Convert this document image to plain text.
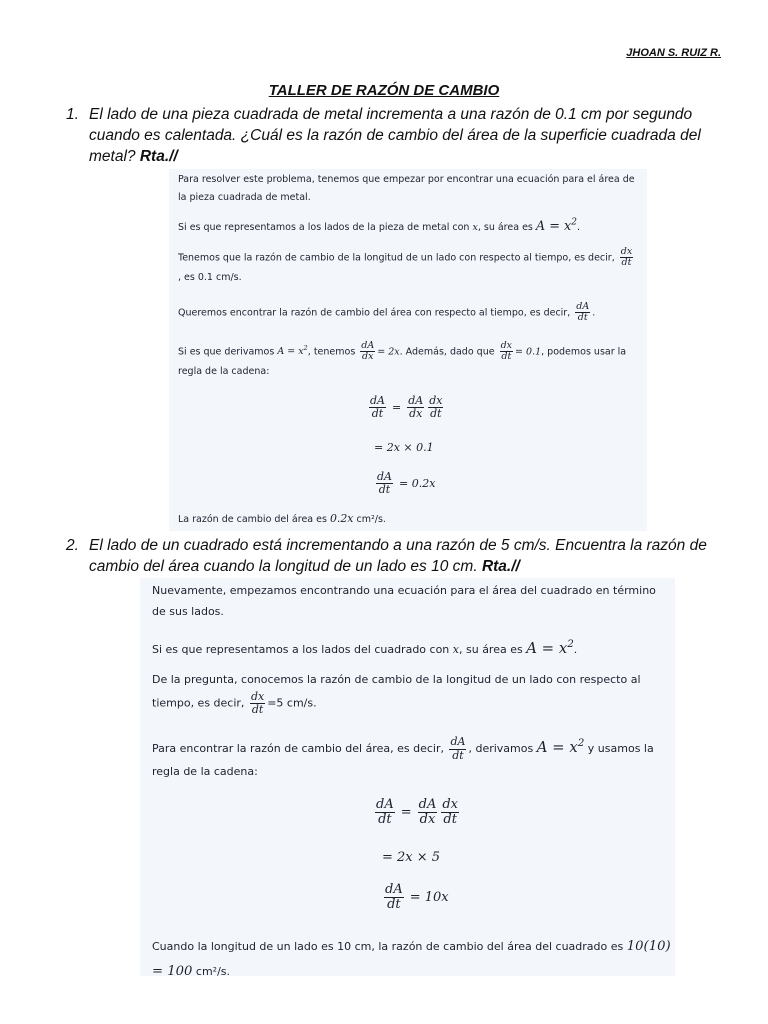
JHOAN S. RUIZ R.
TALLER DE RAZÓN DE CAMBIO
1. El lado de una pieza cuadrada de metal incrementa a una razón de 0.1 cm por segundo cuando es calentada. ¿Cuál es la razón de cambio del área de la superficie cuadrada del metal? Rta.//

Para resolver este problema, tenemos que empezar por encontrar una ecuación para el área de la pieza cuadrada de metal.

Si es que representamos a los lados de la pieza de metal con x, su área es $A = x^2$.

Tenemos que la razón de cambio de la longitud de un lado con respecto al tiempo, es decir, $\frac{dx}{dt}$
, es 0.1 cm/s.

Queremos encontrar la razón de cambio del área con respecto al tiempo, es decir, $\frac{dA}{dt}$ .

Si es que derivamos $A = x^2$, tenemos $\frac{dA}{dx} = 2x$. Además, dado que $\frac{dx}{dt} = 0.1$, podemos usar la regla de la cadena:

$\frac{dA}{dt} = \frac{dA}{dx} \frac{dx}{dt}$
= 2x × 0.1
$\frac{dA}{dt} = 0.2x$

La razón de cambio del área es 0.2x cm²/s.

2. El lado de un cuadrado está incrementando a una razón de 5 cm/s. Encuentra la razón de cambio del área cuando la longitud de un lado es 10 cm. Rta.//

Nuevamente, empezamos encontrando una ecuación para el área del cuadrado en término de sus lados.

Si es que representamos a los lados del cuadrado con x, su área es $A = x^2$.

De la pregunta, conocemos la razón de cambio de la longitud de un lado con respecto al tiempo, es decir, $\frac{dx}{dt} =5$ cm/s.

Para encontrar la razón de cambio del área, es decir, $\frac{dA}{dt}$ , derivamos $A = x^2$ y usamos la regla de la cadena:

$\frac{dA}{dt} = \frac{dA}{dx} \frac{dx}{dt}$
= 2x × 5
$\frac{dA}{dt} = 10x$

Cuando la longitud de un lado es 10 cm, la razón de cambio del área del cuadrado es 10(10) = 100 cm²/s.
